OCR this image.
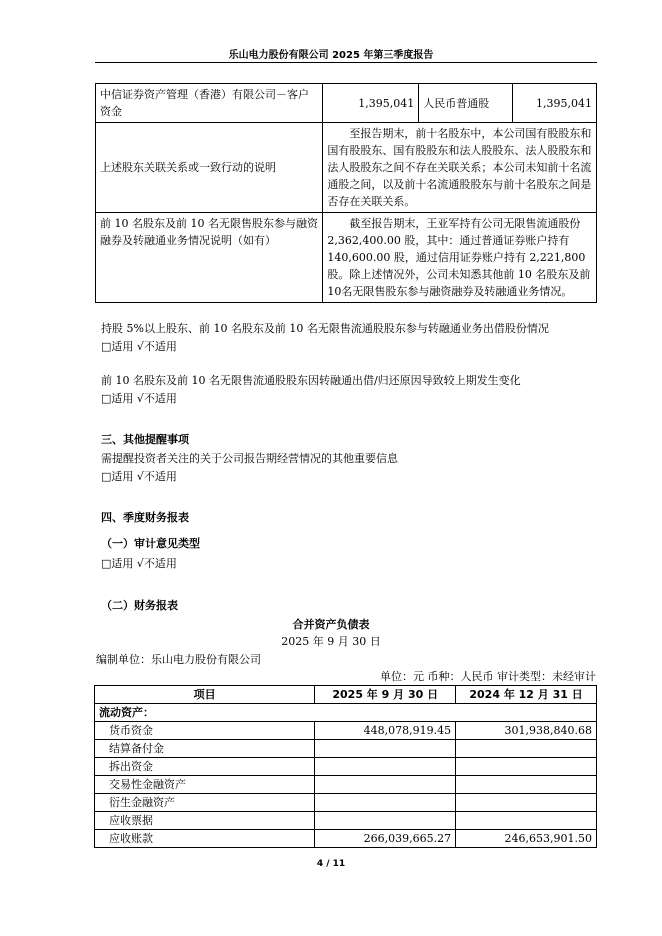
乐山电力股份有限公司 2025 年第三季度报告
中信证券资产管理（香港）有限公司－客户资金	1,395,041	人民币普通股	1,395,041
上述股东关联关系或一致行动的说明	至报告期末，前十名股东中，本公司国有股股东和国有股股东、国有股股东和法人股股东、法人股股东和法人股股东之间不存在关联关系；本公司未知前十名流通股之间，以及前十名流通股股东与前十名股东之间是否存在关联关系。		
前 10 名股东及前 10 名无限售股东参与融资融券及转融通业务情况说明（如有）	截至报告期末，王亚军持有公司无限售流通股份2,362,400.00 股，其中：通过普通证券账户持有140,600.00 股，通过信用证券账户持有 2,221,800 股。除上述情况外，公司未知悉其他前 10 名股东及前 10名无限售股东参与融资融券及转融通业务情况。		
持股 5%以上股东、前 10 名股东及前 10 名无限售流通股股东参与转融通业务出借股份情况
□适用 √不适用
前 10 名股东及前 10 名无限售流通股股东因转融通出借/归还原因导致较上期发生变化
□适用 √不适用
三、其他提醒事项
需提醒投资者关注的关于公司报告期经营情况的其他重要信息
□适用 √不适用
四、季度财务报表
（一）审计意见类型
□适用 √不适用
（二）财务报表
合并资产负债表
2025 年 9 月 30 日
编制单位：乐山电力股份有限公司
单位：元 币种：人民币 审计类型：未经审计
项目	2025 年 9 月 30 日	2024 年 12 月 31 日
流动资产：		
货币资金	448,078,919.45	301,938,840.68
结算备付金		
拆出资金		
交易性金融资产		
衍生金融资产		
应收票据		
应收账款	266,039,665.27	246,653,901.50
4 / 11
